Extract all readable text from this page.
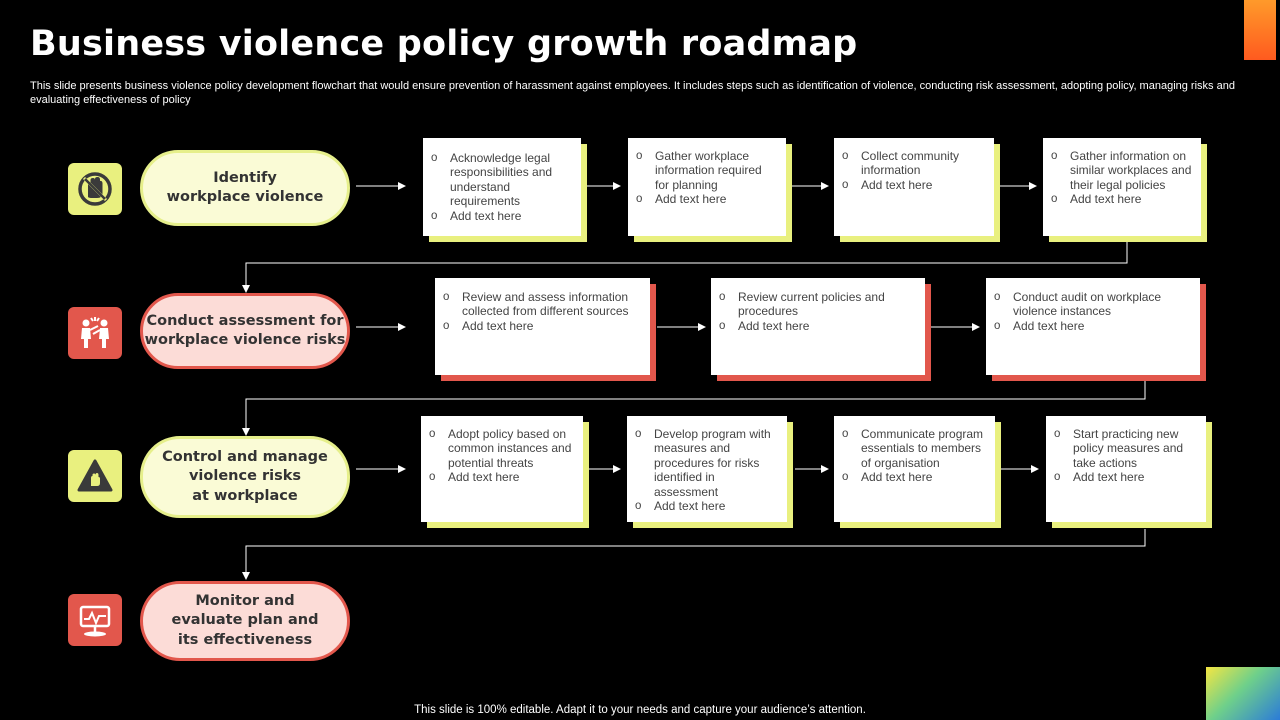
Business violence policy growth roadmap
This slide presents business violence policy development flowchart that would ensure prevention of harassment against employees. It includes steps such as identification of violence, conducting risk assessment, adopting policy, managing risks and evaluating effectiveness of policy
Identify
workplace violence
o Acknowledge legal responsibilities and understand requirements
o Add text here
o Gather workplace information required for planning
o Add text here
o Collect community information
o Add text here
o Gather information on similar workplaces and their legal policies
o Add text here
Conduct assessment for
workplace violence risks
o Review and assess information collected from different sources
o Add text here
o Review current policies and procedures
o Add text here
o Conduct audit on workplace violence instances
o Add text here
Control and manage
violence risks
at workplace
o Adopt policy based on common instances and potential threats
o Add text here
o Develop program with measures and procedures for risks identified in assessment
o Add text here
o Communicate program essentials to members of organisation
o Add text here
o Start practicing new policy measures and take actions
o Add text here
Monitor and
evaluate plan and
its effectiveness
This slide is 100% editable. Adapt it to your needs and capture your audience’s attention.
